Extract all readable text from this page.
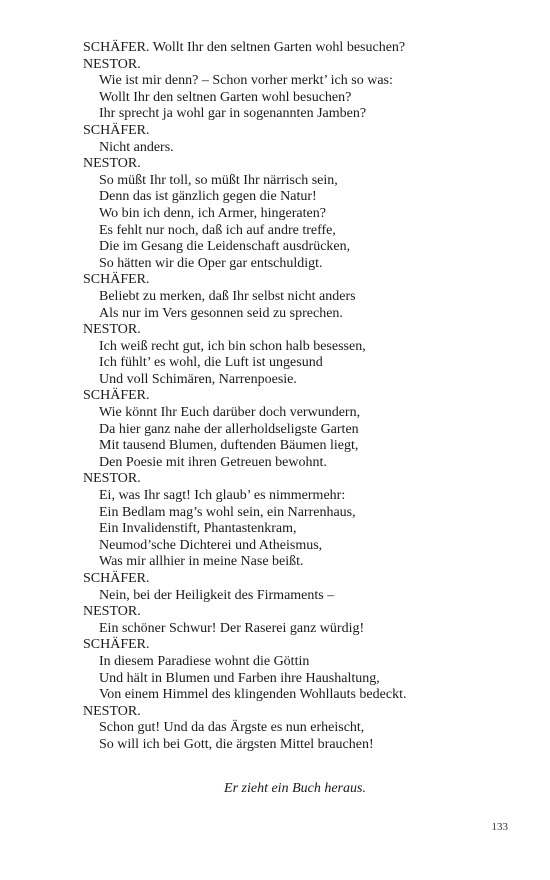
SCHÄFER. Wollt Ihr den seltnen Garten wohl besuchen?
NESTOR.
Wie ist mir denn? – Schon vorher merkt’ ich so was:
Wollt Ihr den seltnen Garten wohl besuchen?
Ihr sprecht ja wohl gar in sogenannten Jamben?
SCHÄFER.
Nicht anders.
NESTOR.
So müßt Ihr toll, so müßt Ihr närrisch sein,
Denn das ist gänzlich gegen die Natur!
Wo bin ich denn, ich Armer, hingeraten?
Es fehlt nur noch, daß ich auf andre treffe,
Die im Gesang die Leidenschaft ausdrücken,
So hätten wir die Oper gar entschuldigt.
SCHÄFER.
Beliebt zu merken, daß Ihr selbst nicht anders
Als nur im Vers gesonnen seid zu sprechen.
NESTOR.
Ich weiß recht gut, ich bin schon halb besessen,
Ich fühlt’ es wohl, die Luft ist ungesund
Und voll Schimären, Narrenpoesie.
SCHÄFER.
Wie könnt Ihr Euch darüber doch verwundern,
Da hier ganz nahe der allerholdseligste Garten
Mit tausend Blumen, duftenden Bäumen liegt,
Den Poesie mit ihren Getreuen bewohnt.
NESTOR.
Ei, was Ihr sagt! Ich glaub’ es nimmermehr:
Ein Bedlam mag’s wohl sein, ein Narrenhaus,
Ein Invalidenstift, Phantastenkram,
Neumod’sche Dichterei und Atheismus,
Was mir allhier in meine Nase beißt.
SCHÄFER.
Nein, bei der Heiligkeit des Firmaments –
NESTOR.
Ein schöner Schwur! Der Raserei ganz würdig!
SCHÄFER.
In diesem Paradiese wohnt die Göttin
Und hält in Blumen und Farben ihre Haushaltung,
Von einem Himmel des klingenden Wohllauts bedeckt.
NESTOR.
Schon gut! Und da das Ärgste es nun erheischt,
So will ich bei Gott, die ärgsten Mittel brauchen!
Er zieht ein Buch heraus.
133
